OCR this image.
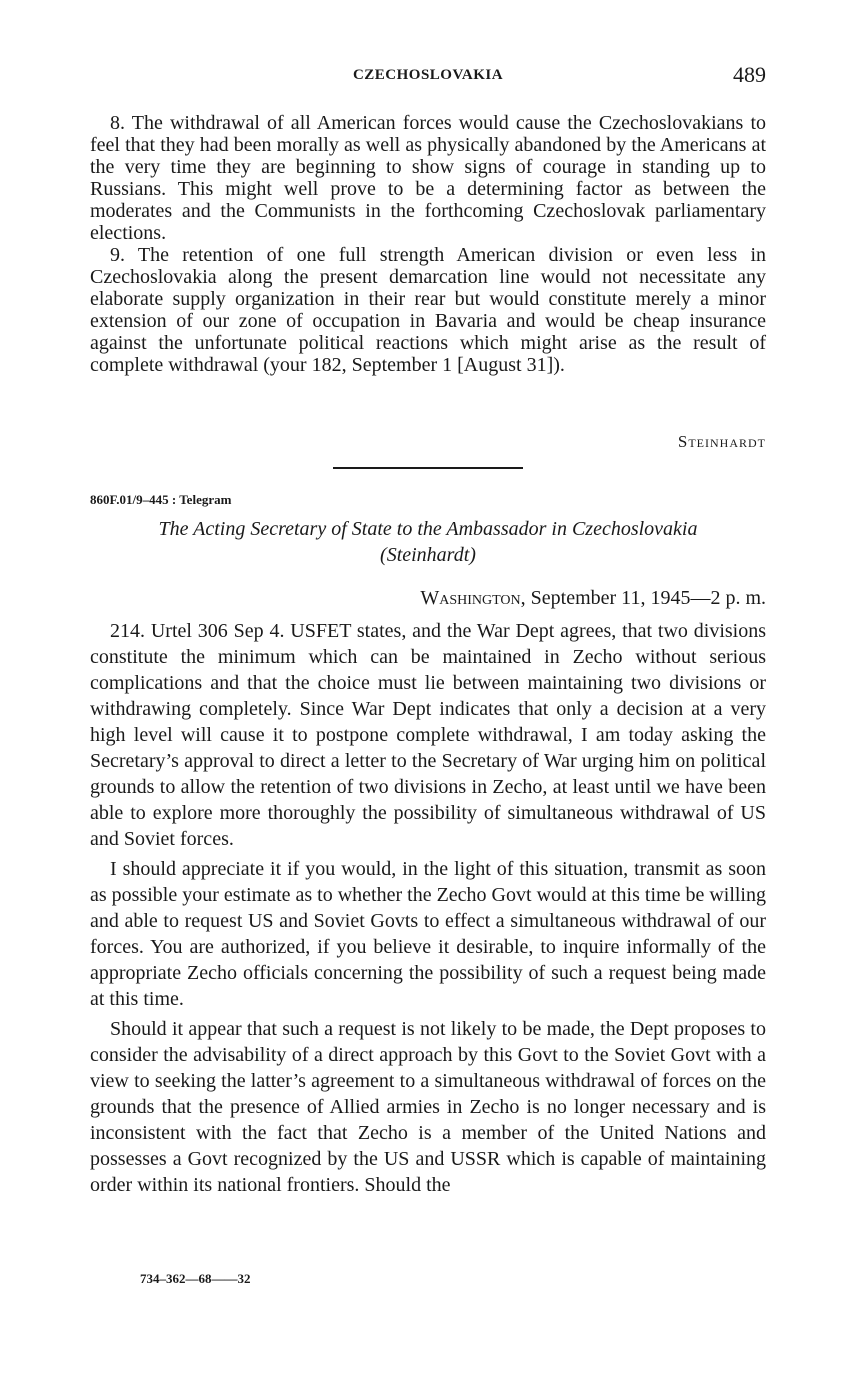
CZECHOSLOVAKIA	489

8. The withdrawal of all American forces would cause the Czechoslovakians to feel that they had been morally as well as physically abandoned by the Americans at the very time they are beginning to show signs of courage in standing up to Russians. This might well prove to be a determining factor as between the moderates and the Communists in the forthcoming Czechoslovak parliamentary elections.

9. The retention of one full strength American division or even less in Czechoslovakia along the present demarcation line would not necessitate any elaborate supply organization in their rear but would constitute merely a minor extension of our zone of occupation in Bavaria and would be cheap insurance against the unfortunate political reactions which might arise as the result of complete withdrawal (your 182, September 1 [August 31]).

Steinhardt
860F.01/9–445 : Telegram
The Acting Secretary of State to the Ambassador in Czechoslovakia
(Steinhardt)
Washington, September 11, 1945—2 p. m.

214. Urtel 306 Sep 4. USFET states, and the War Dept agrees, that two divisions constitute the minimum which can be maintained in Zecho without serious complications and that the choice must lie between maintaining two divisions or withdrawing completely. Since War Dept indicates that only a decision at a very high level will cause it to postpone complete withdrawal, I am today asking the Secretary’s approval to direct a letter to the Secretary of War urging him on political grounds to allow the retention of two divisions in Zecho, at least until we have been able to explore more thoroughly the possibility of simultaneous withdrawal of US and Soviet forces.

I should appreciate it if you would, in the light of this situation, transmit as soon as possible your estimate as to whether the Zecho Govt would at this time be willing and able to request US and Soviet Govts to effect a simultaneous withdrawal of our forces. You are authorized, if you believe it desirable, to inquire informally of the appropriate Zecho officials concerning the possibility of such a request being made at this time.

Should it appear that such a request is not likely to be made, the Dept proposes to consider the advisability of a direct approach by this Govt to the Soviet Govt with a view to seeking the latter’s agreement to a simultaneous withdrawal of forces on the grounds that the presence of Allied armies in Zecho is no longer necessary and is inconsistent with the fact that Zecho is a member of the United Nations and possesses a Govt recognized by the US and USSR which is capable of maintaining order within its national frontiers. Should the

734–362—68——32
